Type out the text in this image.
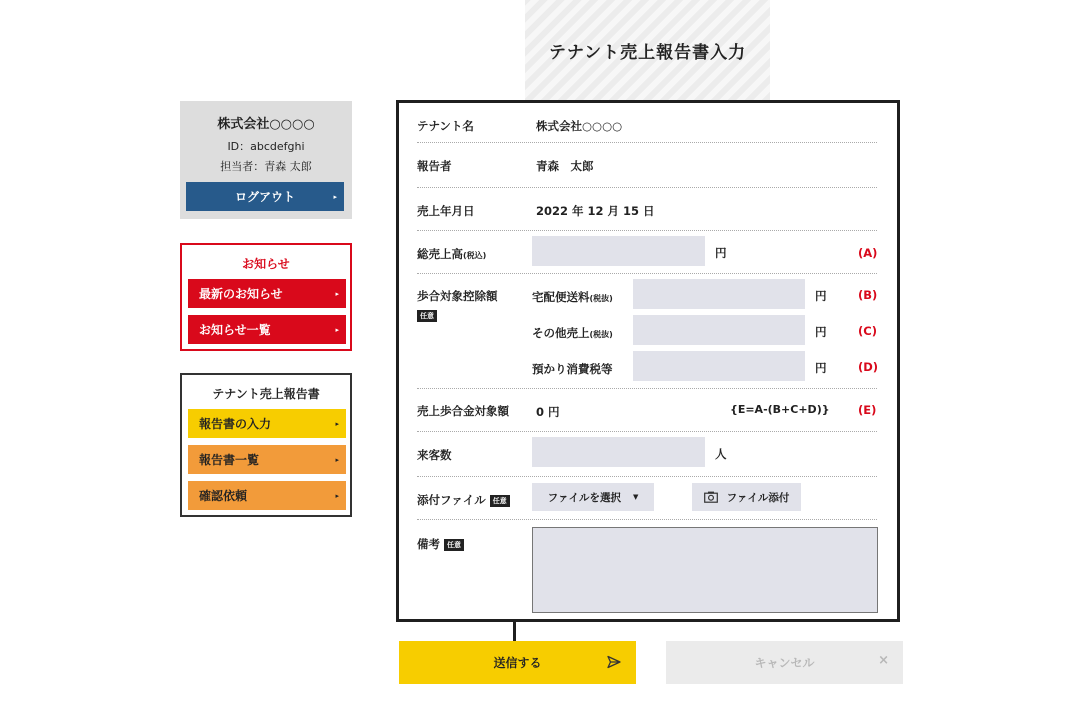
テナント売上報告書入力
株式会社○○○○
ID：abcdefghi
担当者：青森 太郎
ログアウト	▸
お知らせ
最新のお知らせ	▸
お知らせ一覧	▸
テナント売上報告書
報告書の入力	▸
報告書一覧	▸
確認依頼	▸
テナント名	株式会社○○○○
報告者	青森　太郎
売上年月日	2022 年 12 月 15 日
総売上高(税込)	円	(A)
歩合対象控除額
任意
宅配便送料(税抜)	円	(B)
その他売上(税抜)	円	(C)
預かり消費税等	円	(D)
売上歩合金対象額 0 円	{E=A-(B+C+D)} (E)
来客数	人
添付ファイル 任意	ファイルを選択 ▼	ファイル添付
備考 任意
送信する	キャンセル	×
